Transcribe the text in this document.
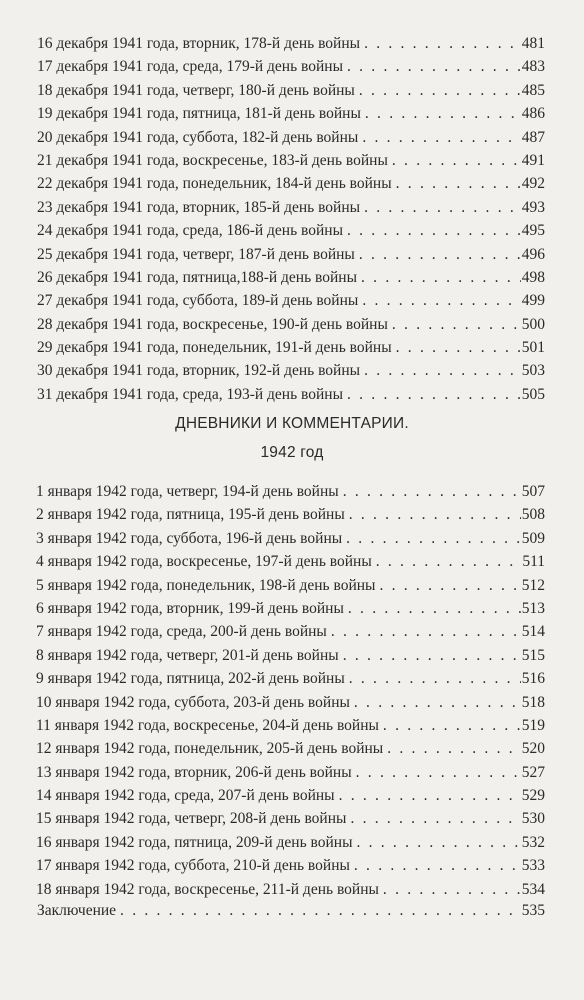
16 декабря 1941 года, вторник, 178-й день войны . . .	481
17 декабря 1941 года, среда, 179-й день войны . . .	483
18 декабря 1941 года, четверг, 180-й день войны . . .	485
19 декабря 1941 года, пятница, 181-й день войны . . .	486
20 декабря 1941 года, суббота, 182-й день войны . . .	487
21 декабря 1941 года, воскресенье, 183-й день войны . . .	491
22 декабря 1941 года, понедельник, 184-й день войны . . .	492
23 декабря 1941 года, вторник, 185-й день войны . . .	493
24 декабря 1941 года, среда, 186-й день войны . . .	495
25 декабря 1941 года, четверг, 187-й день войны . . .	496
26 декабря 1941 года, пятница,188-й день войны . . .	498
27 декабря 1941 года, суббота, 189-й день войны . . .	499
28 декабря 1941 года, воскресенье, 190-й день войны . . .	500
29 декабря 1941 года, понедельник, 191-й день войны . . .	501
30 декабря 1941 года, вторник, 192-й день войны . . .	503
31 декабря 1941 года, среда, 193-й день войны . . .	505
ДНЕВНИКИ И КОММЕНТАРИИ.
1942 год
1 января 1942 года, четверг, 194-й день войны . . .	507
2 января 1942 года, пятница, 195-й день войны . . .	508
3 января 1942 года, суббота, 196-й день войны . . .	509
4 января 1942 года, воскресенье, 197-й день войны . . .	511
5 января 1942 года, понедельник, 198-й день войны . . .	512
6 января 1942 года, вторник, 199-й день войны . . .	513
7 января 1942 года, среда, 200-й день войны . . .	514
8 января 1942 года, четверг, 201-й день войны . . .	515
9 января 1942 года, пятница, 202-й день войны . . .	516
10 января 1942 года, суббота, 203-й день войны . . .	518
11 января 1942 года, воскресенье, 204-й день войны . . .	519
12 января 1942 года, понедельник, 205-й день войны . . .	520
13 января 1942 года, вторник, 206-й день войны . . .	527
14 января 1942 года, среда, 207-й день войны . . .	529
15 января 1942 года, четверг, 208-й день войны . . .	530
16 января 1942 года, пятница, 209-й день войны . . .	532
17 января 1942 года, суббота, 210-й день войны . . .	533
18 января 1942 года, воскресенье, 211-й день войны . . .	534
Заключение . . .	535
